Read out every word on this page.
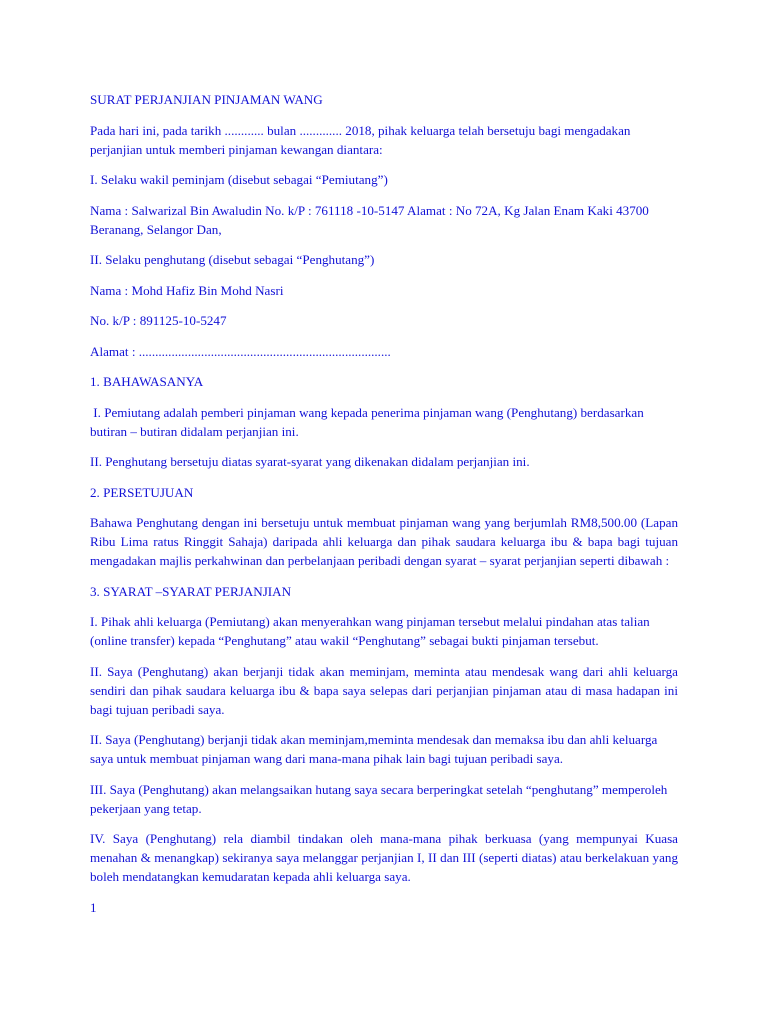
SURAT PERJANJIAN PINJAMAN WANG

Pada hari ini, pada tarikh ............ bulan ............. 2018, pihak keluarga telah bersetuju bagi mengadakan perjanjian untuk memberi pinjaman kewangan diantara:

I. Selaku wakil peminjam (disebut sebagai “Pemiutang”)

Nama : Salwarizal Bin Awaludin No. k/P : 761118 -10-5147 Alamat : No 72A, Kg Jalan Enam Kaki 43700 Beranang, Selangor Dan,

II. Selaku penghutang (disebut sebagai “Penghutang”)

Nama : Mohd Hafiz Bin Mohd Nasri

No. k/P : 891125-10-5247

Alamat : .............................................................................

1. BAHAWASANYA

I. Pemiutang adalah pemberi pinjaman wang kepada penerima pinjaman wang (Penghutang) berdasarkan butiran – butiran didalam perjanjian ini.

II. Penghutang bersetuju diatas syarat-syarat yang dikenakan didalam perjanjian ini.

2. PERSETUJUAN

Bahawa Penghutang dengan ini bersetuju untuk membuat pinjaman wang yang berjumlah RM8,500.00 (Lapan Ribu Lima ratus Ringgit Sahaja) daripada ahli keluarga dan pihak saudara keluarga ibu & bapa bagi tujuan mengadakan majlis perkahwinan dan perbelanjaan peribadi dengan syarat – syarat perjanjian seperti dibawah :

3. SYARAT –SYARAT PERJANJIAN

I. Pihak ahli keluarga (Pemiutang) akan menyerahkan wang pinjaman tersebut melalui pindahan atas talian (online transfer) kepada “Penghutang” atau wakil “Penghutang” sebagai bukti pinjaman tersebut.

II. Saya (Penghutang) akan berjanji tidak akan meminjam, meminta atau mendesak wang dari ahli keluarga sendiri dan pihak saudara keluarga ibu & bapa saya selepas dari perjanjian pinjaman atau di masa hadapan ini bagi tujuan peribadi saya.

II. Saya (Penghutang) berjanji tidak akan meminjam,meminta mendesak dan memaksa ibu dan ahli keluarga saya untuk membuat pinjaman wang dari mana-mana pihak lain bagi tujuan peribadi saya.

III. Saya (Penghutang) akan melangsaikan hutang saya secara berperingkat setelah “penghutang” memperoleh pekerjaan yang tetap.

IV. Saya (Penghutang) rela diambil tindakan oleh mana-mana pihak berkuasa (yang mempunyai Kuasa menahan & menangkap) sekiranya saya melanggar perjanjian I, II dan III (seperti diatas) atau berkelakuan yang boleh mendatangkan kemudaratan kepada ahli keluarga saya.

1
